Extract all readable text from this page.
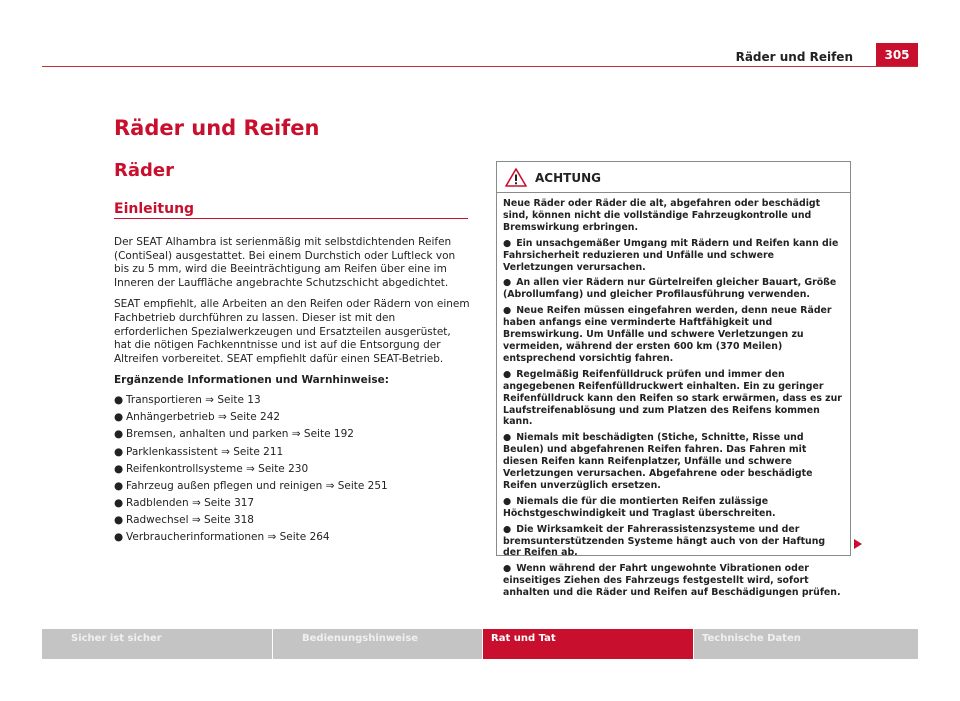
Räder und Reifen	305
Räder und Reifen
Räder
Einleitung

Der SEAT Alhambra ist serienmäßig mit selbstdichtenden Reifen (ContiSeal) ausgestattet. Bei einem Durchstich oder Luftleck von bis zu 5 mm, wird die Beeinträchtigung am Reifen über eine im Inneren der Lauffläche angebrachte Schutzschicht abgedichtet.

SEAT empfiehlt, alle Arbeiten an den Reifen oder Rädern von einem Fachbetrieb durchführen zu lassen. Dieser ist mit den erforderlichen Spezialwerkzeugen und Ersatzteilen ausgerüstet, hat die nötigen Fachkenntnisse und ist auf die Entsorgung der Altreifen vorbereitet. SEAT empfiehlt dafür einen SEAT-Betrieb.

Ergänzende Informationen und Warnhinweise:

● Transportieren ⇒ Seite 13
● Anhängerbetrieb ⇒ Seite 242
● Bremsen, anhalten und parken ⇒ Seite 192
● Parklenkassistent ⇒ Seite 211
● Reifenkontrollsysteme ⇒ Seite 230
● Fahrzeug außen pflegen und reinigen ⇒ Seite 251
● Radblenden ⇒ Seite 317
● Radwechsel ⇒ Seite 318
● Verbraucherinformationen ⇒ Seite 264
ACHTUNG

Neue Räder oder Räder die alt, abgefahren oder beschädigt sind, können nicht die vollständige Fahrzeugkontrolle und Bremswirkung erbringen.

● Ein unsachgemäßer Umgang mit Rädern und Reifen kann die Fahrsicherheit reduzieren und Unfälle und schwere Verletzungen verursachen.

● An allen vier Rädern nur Gürtelreifen gleicher Bauart, Größe (Abrollumfang) und gleicher Profilausführung verwenden.

● Neue Reifen müssen eingefahren werden, denn neue Räder haben anfangs eine verminderte Haftfähigkeit und Bremswirkung. Um Unfälle und schwere Verletzungen zu vermeiden, während der ersten 600 km (370 Meilen) entsprechend vorsichtig fahren.

● Regelmäßig Reifenfülldruck prüfen und immer den angegebenen Reifenfülldruckwert einhalten. Ein zu geringer Reifenfülldruck kann den Reifen so stark erwärmen, dass es zur Laufstreifenablösung und zum Platzen des Reifens kommen kann.

● Niemals mit beschädigten (Stiche, Schnitte, Risse und Beulen) und abgefahrenen Reifen fahren. Das Fahren mit diesen Reifen kann Reifenplatzer, Unfälle und schwere Verletzungen verursachen. Abgefahrene oder beschädigte Reifen unverzüglich ersetzen.

● Niemals die für die montierten Reifen zulässige Höchstgeschwindigkeit und Traglast überschreiten.

● Die Wirksamkeit der Fahrerassistenzsysteme und der bremsunterstützenden Systeme hängt auch von der Haftung der Reifen ab.

● Wenn während der Fahrt ungewohnte Vibrationen oder einseitiges Ziehen des Fahrzeugs festgestellt wird, sofort anhalten und die Räder und Reifen auf Beschädigungen prüfen.

Sicher ist sicher	Bedienungshinweise	Rat und Tat	Technische Daten
